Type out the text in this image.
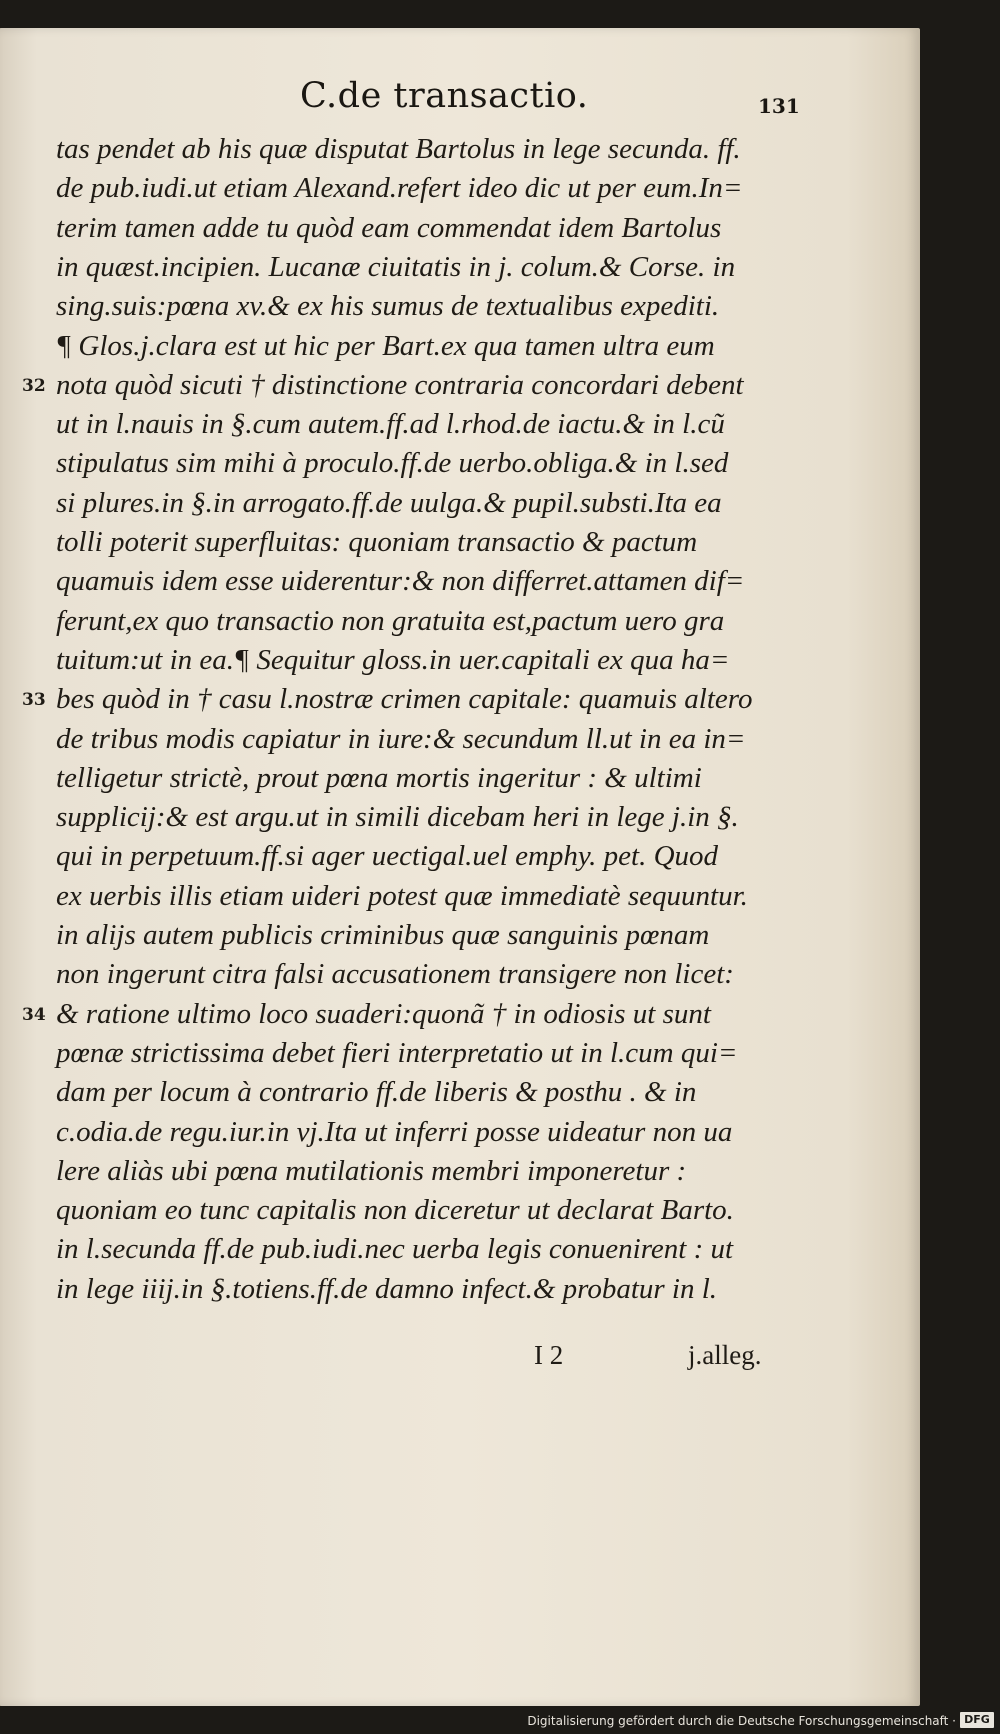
C.de transactio.	131
tas pendet ab his quæ disputat Bartolus in lege secunda. ff.
de pub.iudi.ut etiam Alexand.refert ideo dic ut per eum.In=
terim tamen adde tu quòd eam commendat idem Bartolus
in quæst.incipien. Lucanæ ciuitatis in j. colum.& Corse. in
sing.suis:pœna xv.& ex his sumus de textualibus expediti.
¶ Glos.j.clara est ut hic per Bart.ex qua tamen ultra eum
nota quòd sicuti † distinctione contraria concordari debent
ut in l.nauis in §.cum autem.ff.ad l.rhod.de iactu.& in l.cũ
stipulatus sim mihi à proculo.ff.de uerbo.obliga.& in l.sed
si plures.in §.in arrogato.ff.de uulga.& pupil.substi.Ita ea
tolli poterit superfluitas: quoniam transactio & pactum
quamuis idem esse uiderentur:& non differret.attamen dif=
ferunt,ex quo transactio non gratuita est,pactum uero gra
tuitum:ut in ea.¶ Sequitur gloss.in uer.capitali ex qua ha=
bes quòd in † casu l.nostræ crimen capitale: quamuis altero
de tribus modis capiatur in iure:& secundum ll.ut in ea in=
telligetur strictè, prout pœna mortis ingeritur : & ultimi
supplicij:& est argu.ut in simili dicebam heri in lege j.in §.
qui in perpetuum.ff.si ager uectigal.uel emphy. pet. Quod
ex uerbis illis etiam uideri potest quæ immediatè sequuntur.
in alijs autem publicis criminibus quæ sanguinis pœnam
non ingerunt citra falsi accusationem transigere non licet:
& ratione ultimo loco suaderi:quonã † in odiosis ut sunt
pœnæ strictissima debet fieri interpretatio ut in l.cum qui=
dam per locum à contrario ff.de liberis & posthu . & in
c.odia.de regu.iur.in vj.Ita ut inferri posse uideatur non ua
lere aliàs ubi pœna mutilationis membri imponeretur :
quoniam eo tunc capitalis non diceretur ut declarat Barto.
in l.secunda ff.de pub.iudi.nec uerba legis conuenirent : ut
in lege iiij.in §.totiens.ff.de damno infect.& probatur in l.
32
33
34
I 2	j.alleg.
Digitalisierung gefördert durch die Deutsche Forschungsgemeinschaft · DFG
